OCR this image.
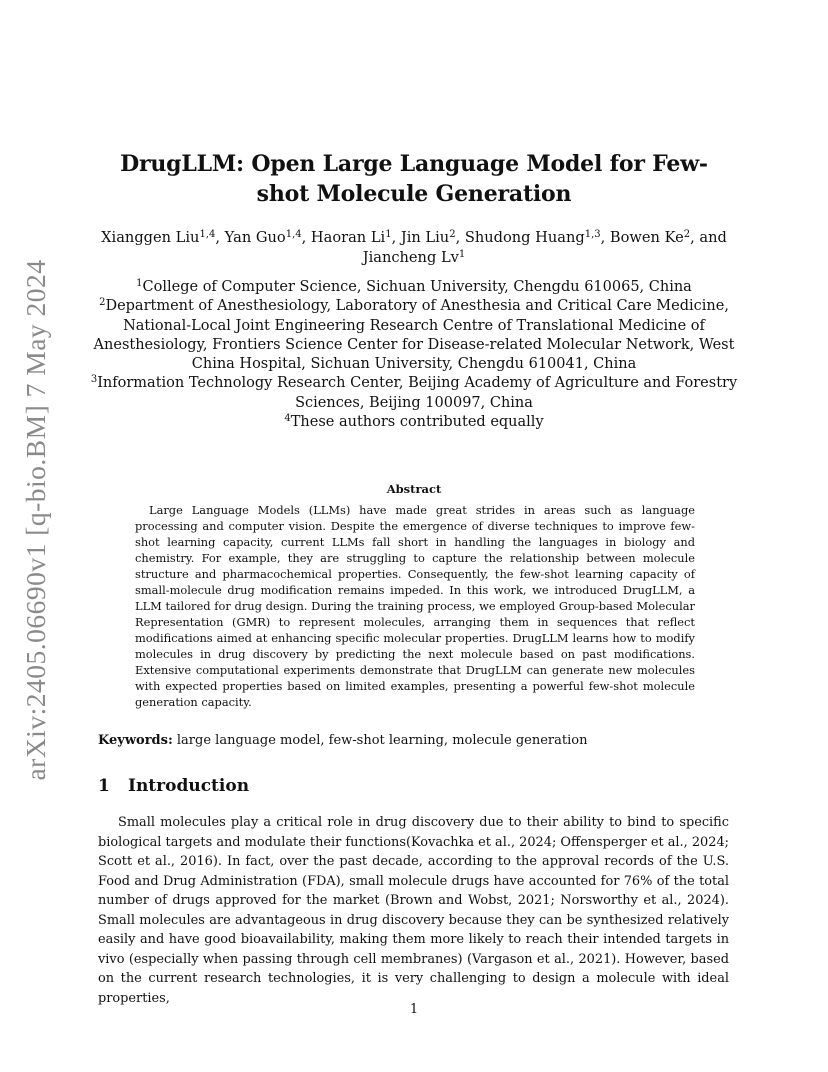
arXiv:2405.06690v1 [q-bio.BM] 7 May 2024
DrugLLM: Open Large Language Model for Few-shot Molecule Generation

Xianggen Liu$^{1,4}$, Yan Guo$^{1,4}$, Haoran Li$^1$, Jin Liu$^2$, Shudong Huang$^{1,3}$, Bowen Ke$^2$, and Jiancheng Lv$^1$

$^1$College of Computer Science, Sichuan University, Chengdu 610065, China
$^2$Department of Anesthesiology, Laboratory of Anesthesia and Critical Care Medicine, National-Local Joint Engineering Research Centre of Translational Medicine of Anesthesiology, Frontiers Science Center for Disease-related Molecular Network, West China Hospital, Sichuan University, Chengdu 610041, China
$^3$Information Technology Research Center, Beijing Academy of Agriculture and Forestry Sciences, Beijing 100097, China
$^4$These authors contributed equally
Abstract

Large Language Models (LLMs) have made great strides in areas such as language processing and computer vision. Despite the emergence of diverse techniques to improve few-shot learning capacity, current LLMs fall short in handling the languages in biology and chemistry. For example, they are struggling to capture the relationship between molecule structure and pharmacochemical properties. Consequently, the few-shot learning capacity of small-molecule drug modification remains impeded. In this work, we introduced DrugLLM, a LLM tailored for drug design. During the training process, we employed Group-based Molecular Representation (GMR) to represent molecules, arranging them in sequences that reflect modifications aimed at enhancing specific molecular properties. DrugLLM learns how to modify molecules in drug discovery by predicting the next molecule based on past modifications. Extensive computational experiments demonstrate that DrugLLM can generate new molecules with expected properties based on limited examples, presenting a powerful few-shot molecule generation capacity.

Keywords: large language model, few-shot learning, molecule generation

1 Introduction

Small molecules play a critical role in drug discovery due to their ability to bind to specific biological targets and modulate their functions(Kovachka et al., 2024; Offensperger et al., 2024; Scott et al., 2016). In fact, over the past decade, according to the approval records of the U.S. Food and Drug Administration (FDA), small molecule drugs have accounted for 76% of the total number of drugs approved for the market (Brown and Wobst, 2021; Norsworthy et al., 2024). Small molecules are advantageous in drug discovery because they can be synthesized relatively easily and have good bioavailability, making them more likely to reach their intended targets in vivo (especially when passing through cell membranes) (Vargason et al., 2021). However, based on the current research technologies, it is very challenging to design a molecule with ideal properties,

1
